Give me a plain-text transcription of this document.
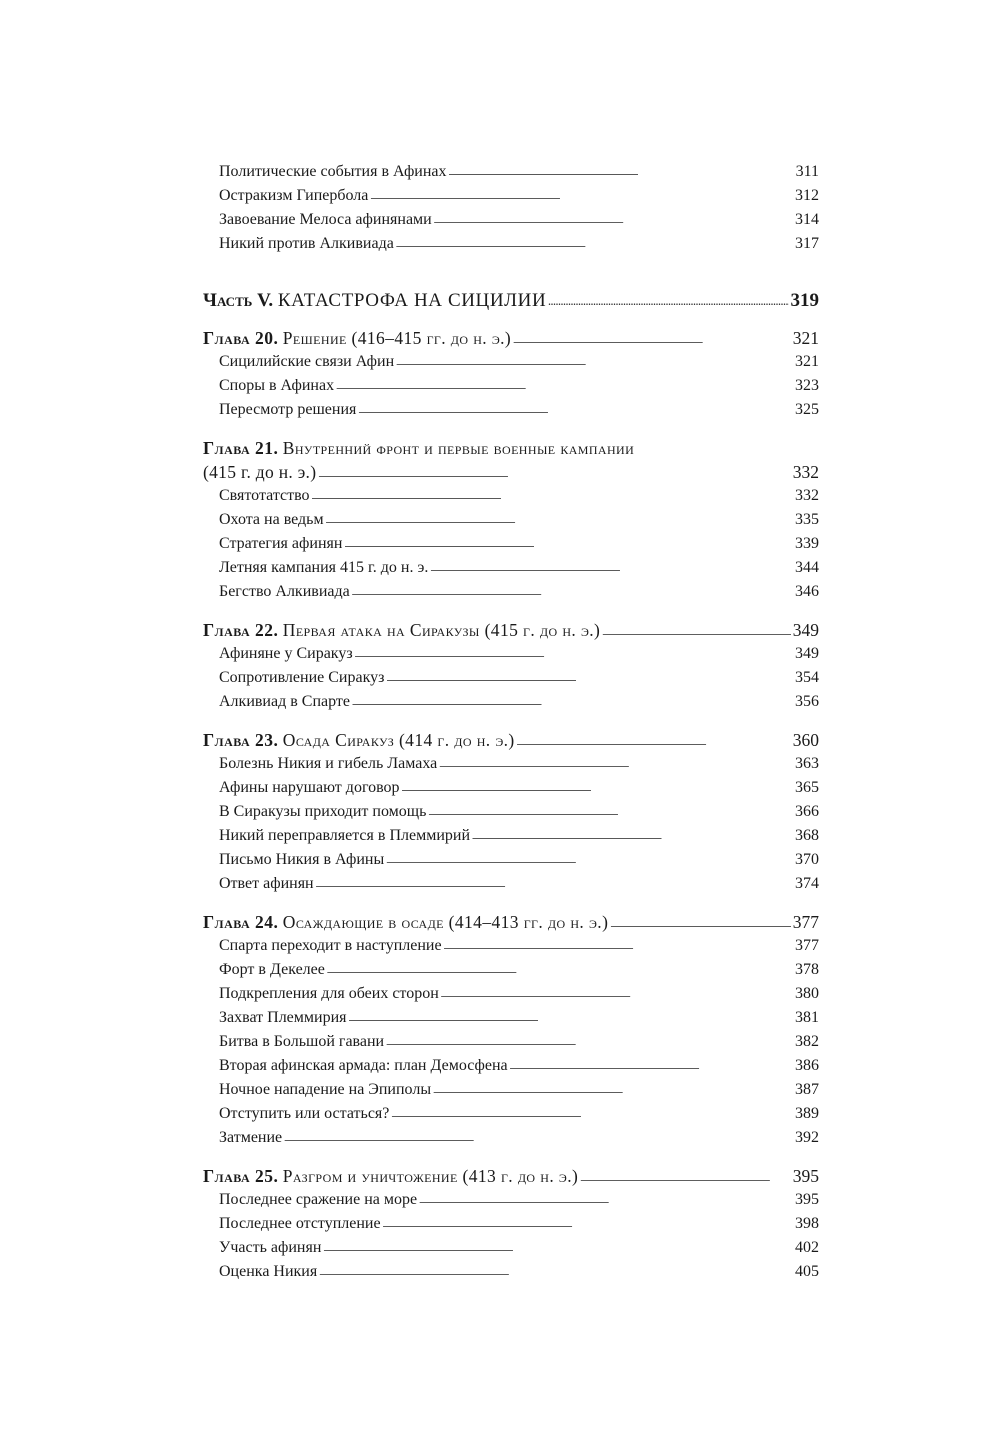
Политические события в Афинах . . .	311
Остракизм Гипербола . . .	312
Завоевание Мелоса афинянами . . .	314
Никий против Алкивиада . . .	317
Часть V. КАТАСТРОФА НА СИЦИЛИИ . . .	319
Глава 20. Решение (416–415 гг. до н. э.) . . .	321
Сицилийские связи Афин . . .	321
Споры в Афинах . . .	323
Пересмотр решения . . .	325
Глава 21. Внутренний фронт и первые военные кампании
(415 г. до н. э.) . . .	332
Святотатство . . .	332
Охота на ведьм . . .	335
Стратегия афинян . . .	339
Летняя кампания 415 г. до н. э. . . .	344
Бегство Алкивиада . . .	346
Глава 22. Первая атака на Сиракузы (415 г. до н. э.) . . .	349
Афиняне у Сиракуз . . .	349
Сопротивление Сиракуз . . .	354
Алкивиад в Спарте . . .	356
Глава 23. Осада Сиракуз (414 г. до н. э.) . . .	360
Болезнь Никия и гибель Ламаха . . .	363
Афины нарушают договор . . .	365
В Сиракузы приходит помощь . . .	366
Никий переправляется в Племмирий . . .	368
Письмо Никия в Афины . . .	370
Ответ афинян . . .	374
Глава 24. Осаждающие в осаде (414–413 гг. до н. э.) . . .	377
Спарта переходит в наступление . . .	377
Форт в Декелее . . .	378
Подкрепления для обеих сторон . . .	380
Захват Племмирия . . .	381
Битва в Большой гавани . . .	382
Вторая афинская армада: план Демосфена . . .	386
Ночное нападение на Эпиполы . . .	387
Отступить или остаться? . . .	389
Затмение . . .	392
Глава 25. Разгром и уничтожение (413 г. до н. э.) . . .	395
Последнее сражение на море . . .	395
Последнее отступление . . .	398
Участь афинян . . .	402
Оценка Никия . . .	405
